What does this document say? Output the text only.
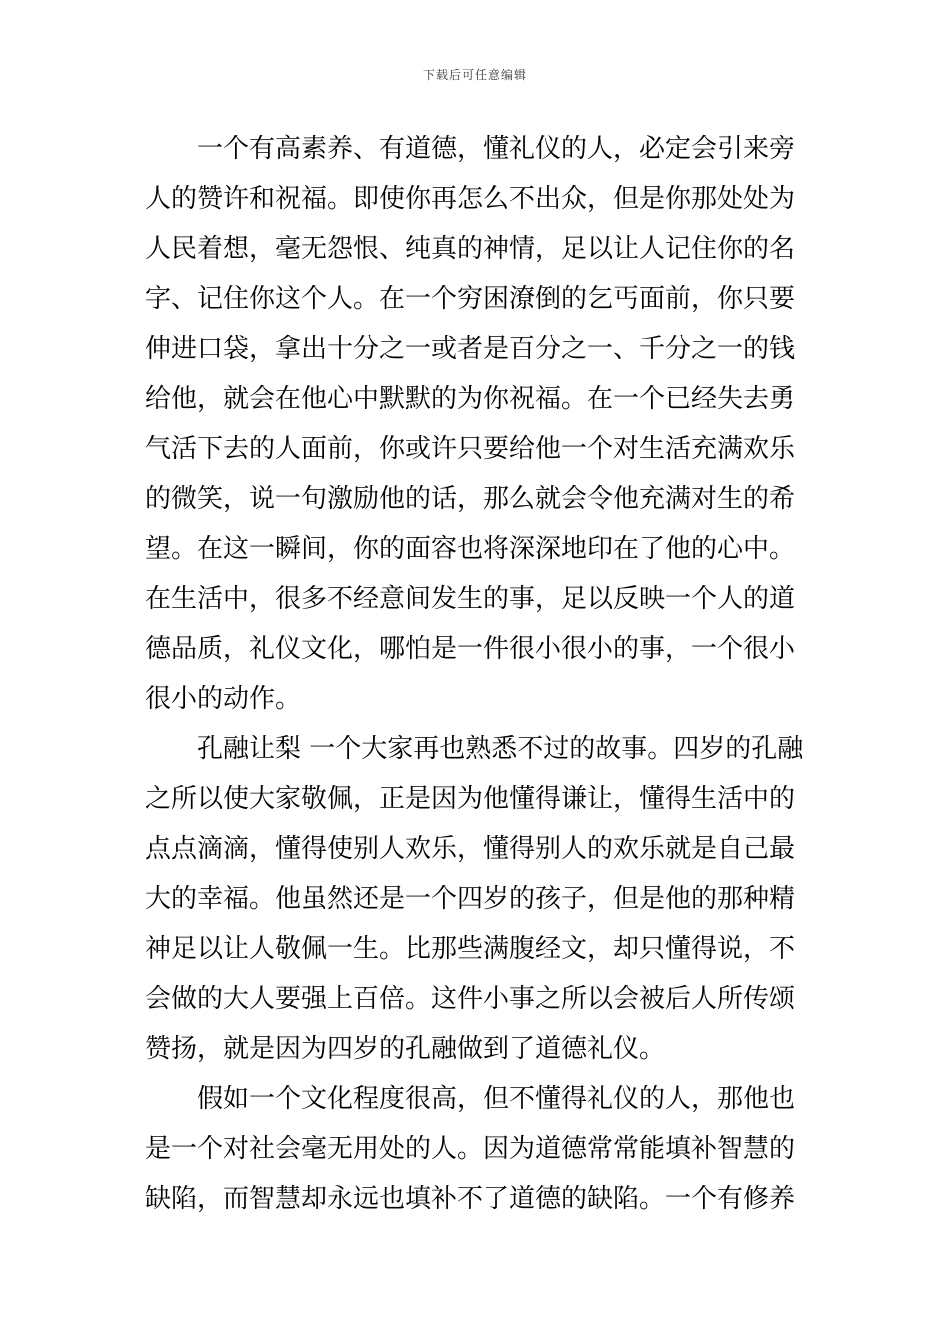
下载后可任意编辑
一个有高素养、有道德，懂礼仪的人，必定会引来旁
人的赞许和祝福。即使你再怎么不出众，但是你那处处为
人民着想，毫无怨恨、纯真的神情，足以让人记住你的名
字、记住你这个人。在一个穷困潦倒的乞丐面前，你只要
伸进口袋，拿出十分之一或者是百分之一、千分之一的钱
给他，就会在他心中默默的为你祝福。在一个已经失去勇
气活下去的人面前，你或许只要给他一个对生活充满欢乐
的微笑，说一句激励他的话，那么就会令他充满对生的希
望。在这一瞬间，你的面容也将深深地印在了他的心中。
在生活中，很多不经意间发生的事，足以反映一个人的道
德品质，礼仪文化，哪怕是一件很小很小的事，一个很小
很小的动作。
孔融让梨 一个大家再也熟悉不过的故事。四岁的孔融
之所以使大家敬佩，正是因为他懂得谦让，懂得生活中的
点点滴滴，懂得使别人欢乐，懂得别人的欢乐就是自己最
大的幸福。他虽然还是一个四岁的孩子，但是他的那种精
神足以让人敬佩一生。比那些满腹经文，却只懂得说，不
会做的大人要强上百倍。这件小事之所以会被后人所传颂
赞扬，就是因为四岁的孔融做到了道德礼仪。
假如一个文化程度很高，但不懂得礼仪的人，那他也
是一个对社会毫无用处的人。因为道德常常能填补智慧的
缺陷，而智慧却永远也填补不了道德的缺陷。一个有修养
